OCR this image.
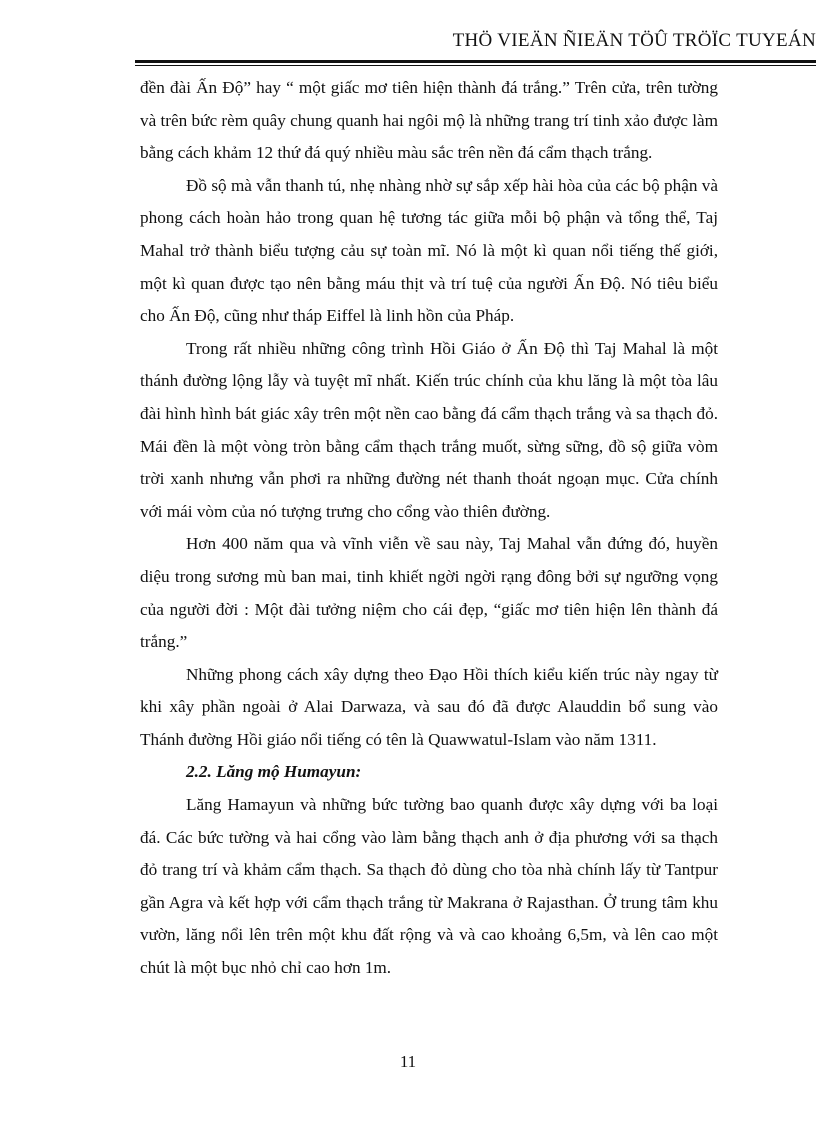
THÖ VIEÄN ÑIEÄN TÖÛ TRÖÏC TUYEÁN

đền đài Ấn Độ” hay “ một giấc mơ tiên hiện thành đá trắng.” Trên cửa, trên tường và trên bức rèm quây chung quanh hai ngôi mộ là những trang trí tinh xảo được làm bằng cách khảm 12 thứ đá quý nhiều màu sắc trên nền đá cẩm thạch trắng.

Đồ sộ mà vẫn thanh tú, nhẹ nhàng nhờ sự sắp xếp hài hòa của các bộ phận và phong cách hoàn hảo trong quan hệ tương tác giữa mỗi bộ phận và tổng thể, Taj Mahal trở thành biểu tượng cảu sự toàn mĩ. Nó là một kì quan nổi tiếng thế giới, một kì quan được tạo nên bằng máu thịt và trí tuệ của người Ấn Độ. Nó tiêu biểu cho Ấn Độ, cũng như tháp Eiffel là linh hồn của Pháp.

Trong rất nhiều những công trình Hồi Giáo ở Ấn Độ thì Taj Mahal là một thánh đường lộng lẫy và tuyệt mĩ nhất. Kiến trúc chính của khu lăng là một tòa lâu đài hình hình bát giác xây trên một nền cao bằng đá cẩm thạch trắng và sa thạch đỏ. Mái đền là một vòng tròn bằng cẩm thạch trắng muốt, sừng sững, đồ sộ giữa vòm trời xanh nhưng vẫn phơi ra những đường nét thanh thoát ngoạn mục. Cửa chính với mái vòm của nó tượng trưng cho cổng vào thiên đường.

Hơn 400 năm qua và vĩnh viễn về sau này, Taj Mahal vẫn đứng đó, huyền diệu trong sương mù ban mai, tinh khiết ngời ngời rạng đông bởi sự ngưỡng vọng của người đời : Một đài tưởng niệm cho cái đẹp, “giấc mơ tiên hiện lên thành đá trắng.”

Những phong cách xây dựng theo Đạo Hồi thích kiểu kiến trúc này ngay từ khi xây phần ngoài ở Alai Darwaza, và sau đó đã được Alauddin bổ sung vào Thánh đường Hồi giáo nổi tiếng có tên là Quawwatul-Islam vào năm 1311.

2.2. Lăng mộ Humayun:

Lăng Hamayun và những bức tường bao quanh được xây dựng với ba loại đá. Các bức tường và hai cổng vào làm bằng thạch anh ở địa phương với sa thạch đỏ trang trí và khảm cẩm thạch. Sa thạch đỏ dùng cho tòa nhà chính lấy từ Tantpur gần Agra và kết hợp với cẩm thạch trắng từ Makrana ở Rajasthan. Ở trung tâm khu vườn, lăng nổi lên trên một khu đất rộng và và cao khoảng 6,5m, và lên cao một chút là một bục nhỏ chỉ cao hơn 1m.

11
